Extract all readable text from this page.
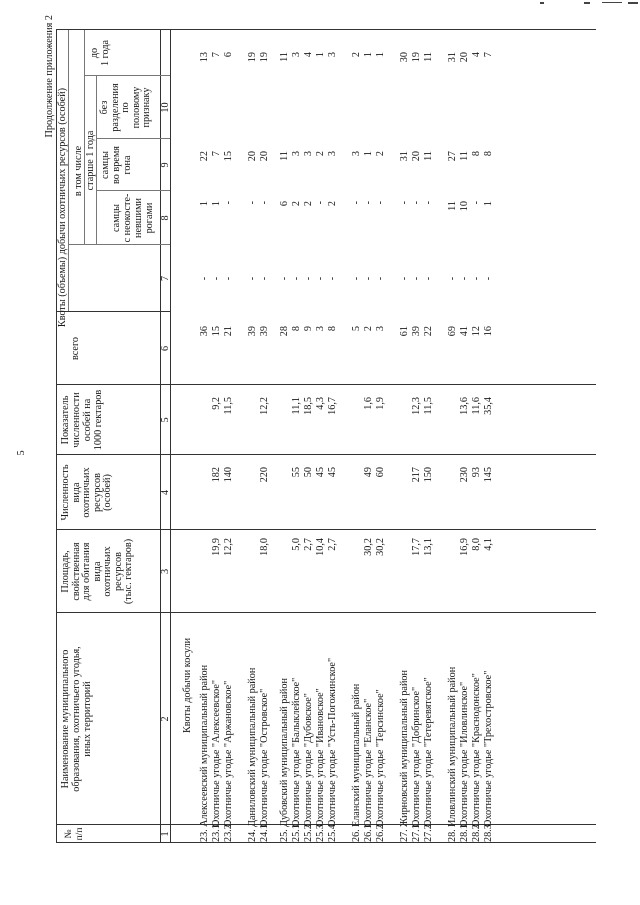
5
Продолжение приложения 2
№ п/п
Наименование муниципального образования, охотничьего угодья, иных территорий
Площадь, свойственная для обитания вида охотничьих ресурсов (тыс. гектаров)
Численность вида охотничьих ресурсов (особей)
Показатель численности особей на 1000 гектаров
Квоты (объемы) добычи охотничьих ресурсов (особей)
всего
в том числе старше 1 года
самцы с неокосте- невшими рогами
самцы во время гона
без разделения по половому признаку
до 1 года
1
2
3
4
5
6
7
8
9
10
Квоты добычи косули
23.
Алексеевский муниципальный район
36
-
1
22
13
23.1.
Охотничье угодье "Алексеевское"
19,9
182
9,2
15
-
1
7
7
23.2.
Охотничье угодье "Аржановское"
12,2
140
11,5
21
-
-
15
6
24.
Даниловский муниципальный район
39
-
-
20
19
24.1.
Охотничье угодье "Островское"
18,0
220
12,2
39
-
-
20
19
25.
Дубовский муниципальный район
28
-
6
11
11
25.1.
Охотничье угодье "Балыклейское"
5,0
55
11,1
8
-
2
3
3
25.2.
Охотничье угодье "Дубовское"
2,7
50
18,5
9
-
2
3
4
25.3.
Охотничье угодье "Ивановское"
10,4
45
4,3
3
-
-
2
1
25.4.
Охотничье угодье "Усть-Погожинское"
2,7
45
16,7
8
-
2
3
3
26.
Еланский муниципальный район
5
-
-
3
2
26.1.
Охотничье угодье "Еланское"
30,2
49
1,6
2
-
-
1
1
26.2.
Охотничье угодье "Терсинское"
30,2
60
1,9
3
-
-
2
1
27.
Жирновский муниципальный район
61
-
-
31
30
27.1.
Охотничье угодье "Добринское"
17,7
217
12,3
39
-
-
20
19
27.2.
Охотничье угодье "Тетеревятское"
13,1
150
11,5
22
-
-
11
11
28.
Иловлинский муниципальный район
69
-
11
27
31
28.1.
Охотничье угодье "Иловлинское"
16,9
230
13,6
41
-
10
11
20
28.2.
Охотничье угодье "Краснодонское"
8,0
93
11,6
12
-
-
8
4
28.3.
Охотничье угодье "Трехостровское"
4,1
145
35,4
16
-
1
8
7
